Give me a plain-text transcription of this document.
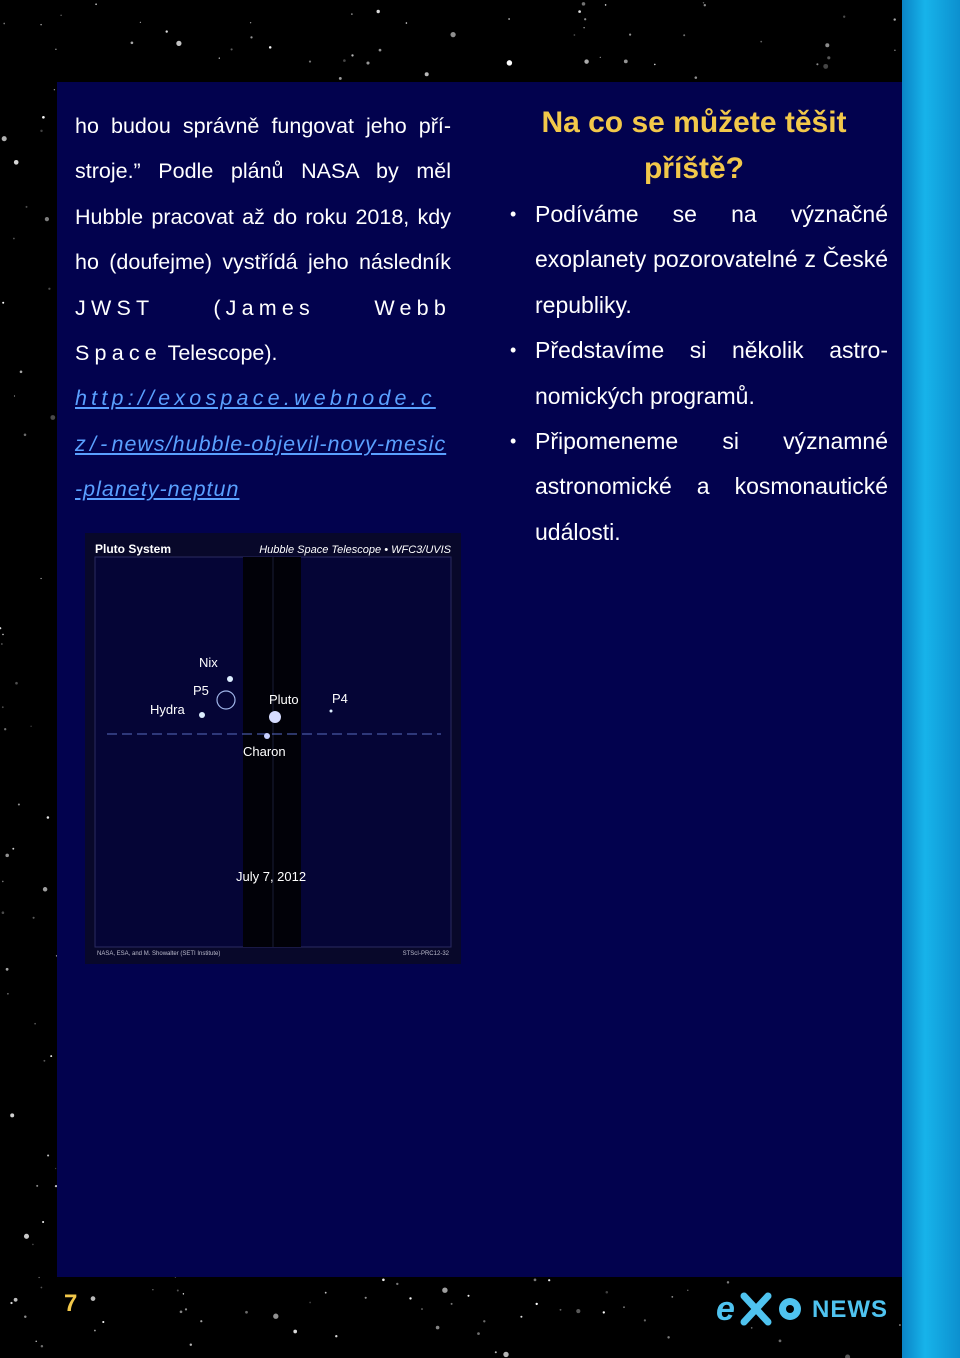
ho budou správně fungovat jeho pří-stroje.” Podle plánů NASA by měl Hubble pracovat až do roku 2018, kdy ho (doufejme) vystřídá jeho následník JWST (James Webb Space Telescope).

http://exospace.webnode.cz/-news/hubble-objevil-novy-mesic-planety-neptun
Pluto System	Hubble Space Telescope • WFC3/UVIS
Nix
P5
Hydra
Pluto	P4
Charon
July 7, 2012
NASA, ESA, and M. Showalter (SETI Institute)	STScI-PRC12-32
Na co se můžete těšit příště?
• Podíváme se na význačné exoplanety pozorovatelné z České republiky.
• Představíme si několik astro-nomických programů.
• Připomeneme si významné astronomické a kosmonautické události.
7	e	NEWS
